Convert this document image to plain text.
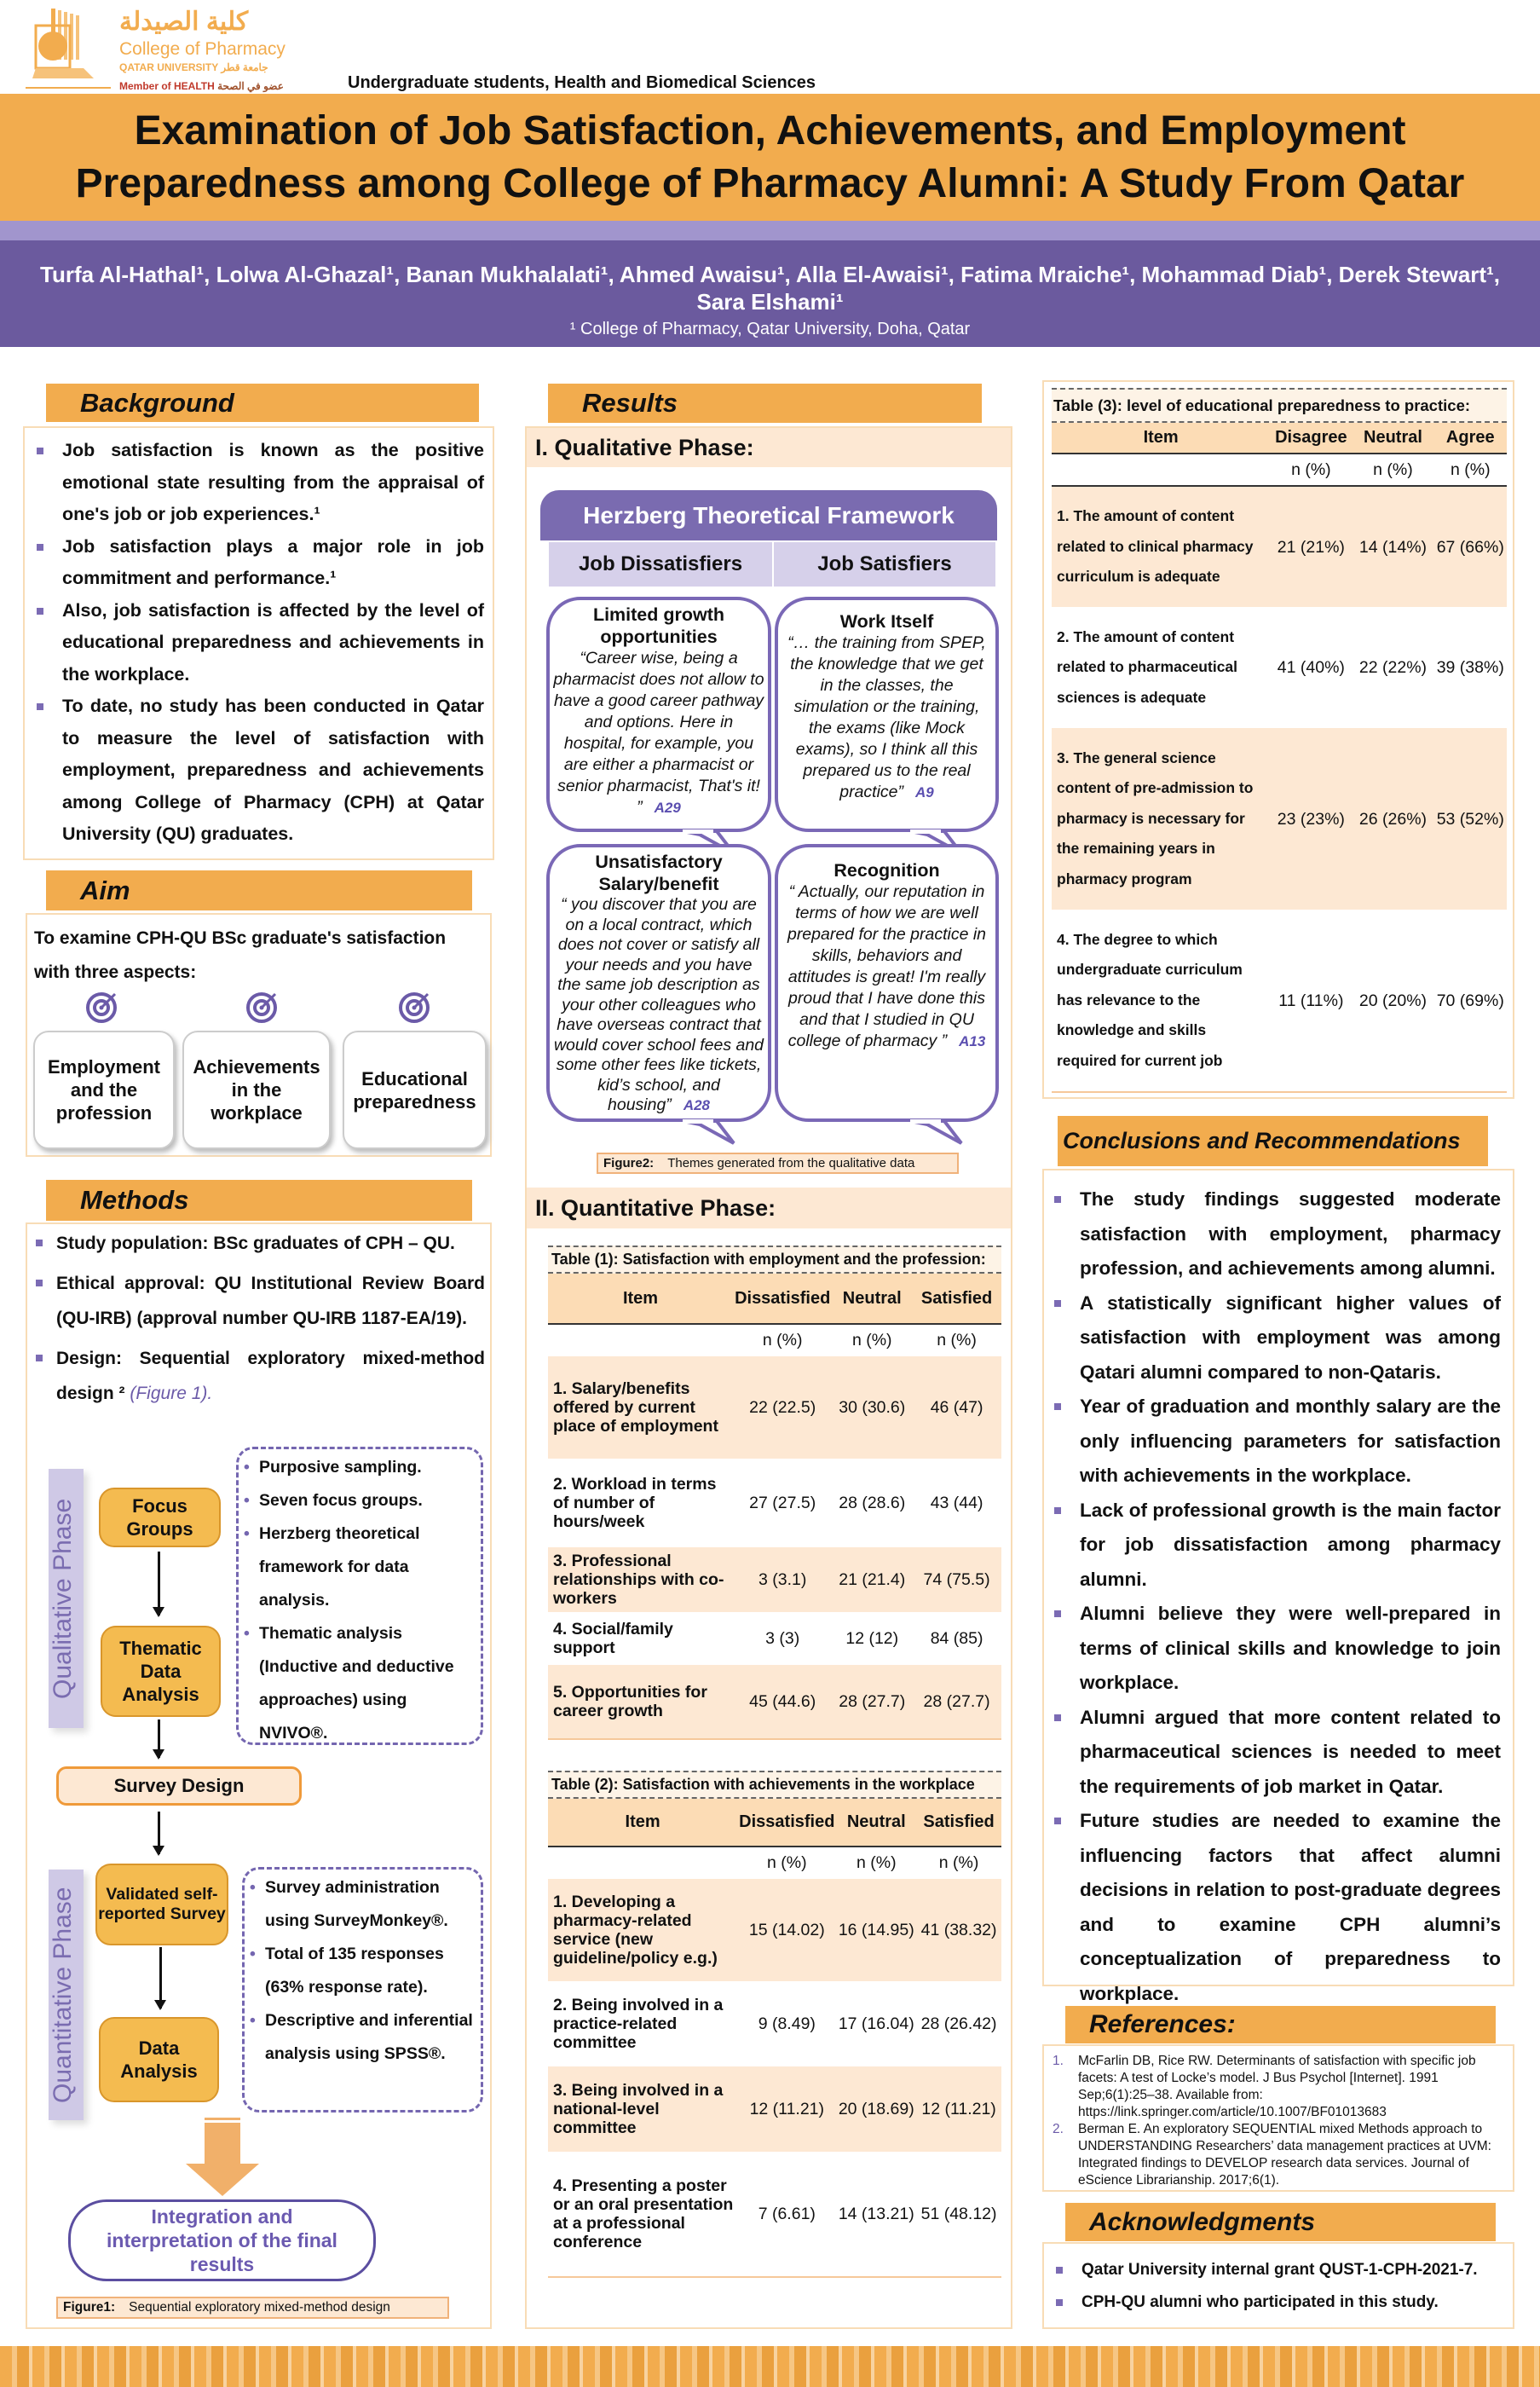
كلية الصيدلة
College of Pharmacy
QATAR UNIVERSITY جامعة قطر
Member of HEALTH عضو في الصحة	Undergraduate students, Health and Biomedical Sciences
Examination of Job Satisfaction, Achievements, and Employment
Preparedness among College of Pharmacy Alumni: A Study From Qatar
Turfa Al-Hathal¹, Lolwa Al-Ghazal¹, Banan Mukhalalati¹, Ahmed Awaisu¹, Alla El-Awaisi¹, Fatima Mraiche¹, Mohammad Diab¹, Derek Stewart¹, Sara Elshami¹
¹ College of Pharmacy, Qatar University, Doha, Qatar
Background
Job satisfaction is known as the positive emotional state resulting from the appraisal of one's job or job experiences.¹
Job satisfaction plays a major role in job commitment and performance.¹
Also, job satisfaction is affected by the level of educational preparedness and achievements in the workplace.
To date, no study has been conducted in Qatar to measure the level of satisfaction with employment, preparedness and achievements among College of Pharmacy (CPH) at Qatar University (QU) graduates.
Aim
To examine CPH-QU BSc graduate's satisfaction with three aspects:
Employment and the profession
Achievements in the workplace
Educational preparedness
Methods
Study population: BSc graduates of CPH – QU.
Ethical approval: QU Institutional Review Board (QU-IRB) (approval number QU-IRB 1187-EA/19).
Design: Sequential exploratory mixed-method design ² (Figure 1).
Qualitative Phase	Focus Groups
Thematic Data Analysis
• Purposive sampling.
• Seven focus groups.
• Herzberg theoretical framework for data analysis.
• Thematic analysis (Inductive and deductive approaches) using NVIVO®.
Survey Design
Quantitative Phase	Validated self-reported Survey
Data Analysis
• Survey administration using SurveyMonkey®.
• Total of 135 responses (63% response rate).
• Descriptive and inferential analysis using SPSS®.
Integration and interpretation of the final results
Figure1: Sequential exploratory mixed-method design
Results
I. Qualitative Phase:
Herzberg Theoretical Framework
Job Dissatisfiers	Job Satisfiers
Limited growth opportunities
“Career wise, being a pharmacist does not allow to have a good career pathway and options. Here in hospital, for example, you are either a pharmacist or senior pharmacist, That's it! ” A29
Work Itself
“… the training from SPEP, the knowledge that we get in the classes, the simulation or the training, the exams (like Mock exams), so I think all this prepared us to the real practice” A9
Unsatisfactory Salary/benefit
“ you discover that you are on a local contract, which does not cover or satisfy all your needs and you have the same job description as your other colleagues who have overseas contract that would cover school fees and some other fees like tickets, kid’s school, and housing” A28
Recognition
“ Actually, our reputation in terms of how we are well prepared for the practice in skills, behaviors and attitudes is great! I'm really proud that I have done this and that I studied in QU college of pharmacy ” A13
Figure2: Themes generated from the qualitative data
II. Quantitative Phase:
Table (1): Satisfaction with employment and the profession:
Item	Dissatisfied	Neutral	Satisfied
	n (%)	n (%)	n (%)
1. Salary/benefits offered by current place of employment	22 (22.5)	30 (30.6)	46 (47)
2. Workload in terms of number of hours/week	27 (27.5)	28 (28.6)	43 (44)
3. Professional relationships with co-workers	3 (3.1)	21 (21.4)	74 (75.5)
4. Social/family support	3 (3)	12 (12)	84 (85)
5. Opportunities for career growth	45 (44.6)	28 (27.7)	28 (27.7)

Table (2): Satisfaction with achievements in the workplace
Item	Dissatisfied	Neutral	Satisfied
	n (%)	n (%)	n (%)
1. Developing a pharmacy-related service (new guideline/policy e.g.)	15 (14.02)	16 (14.95)	41 (38.32)
2. Being involved in a practice-related committee	9 (8.49)	17 (16.04)	28 (26.42)
3. Being involved in a national-level committee	12 (11.21)	20 (18.69)	12 (11.21)
4. Presenting a poster or an oral presentation at a professional conference	7 (6.61)	14 (13.21)	51 (48.12)

Table (3): level of educational preparedness to practice:
Item	Disagree	Neutral	Agree
	n (%)	n (%)	n (%)
1. The amount of content related to clinical pharmacy curriculum is adequate	21 (21%)	14 (14%)	67 (66%)
2. The amount of content related to pharmaceutical sciences is adequate	41 (40%)	22 (22%)	39 (38%)
3. The general science content of pre-admission to pharmacy is necessary for the remaining years in pharmacy program	23 (23%)	26 (26%)	53 (52%)
4. The degree to which undergraduate curriculum has relevance to the knowledge and skills required for current job	11 (11%)	20 (20%)	70 (69%)

Conclusions and Recommendations
The study findings suggested moderate satisfaction with employment, pharmacy profession, and achievements among alumni.
A statistically significant higher values of satisfaction with employment was among Qatari alumni compared to non-Qataris.
Year of graduation and monthly salary are the only influencing parameters for satisfaction with achievements in the workplace.
Lack of professional growth is the main factor for job dissatisfaction among pharmacy alumni.
Alumni believe they were well-prepared in terms of clinical skills and knowledge to join workplace.
Alumni argued that more content related to pharmaceutical sciences is needed to meet the requirements of job market in Qatar.
Future studies are needed to examine the influencing factors that affect alumni decisions in relation to post-graduate degrees and to examine CPH alumni’s conceptualization of preparedness to workplace.
References:
1. McFarlin DB, Rice RW. Determinants of satisfaction with specific job facets: A test of Locke’s model. J Bus Psychol [Internet]. 1991 Sep;6(1):25–38. Available from: https://link.springer.com/article/10.1007/BF01013683
2. Berman E. An exploratory SEQUENTIAL mixed Methods approach to UNDERSTANDING Researchers’ data management practices at UVM: Integrated findings to DEVELOP research data services. Journal of eScience Librarianship. 2017;6(1).
Acknowledgments
Qatar University internal grant QUST-1-CPH-2021-7.
CPH-QU alumni who participated in this study.
